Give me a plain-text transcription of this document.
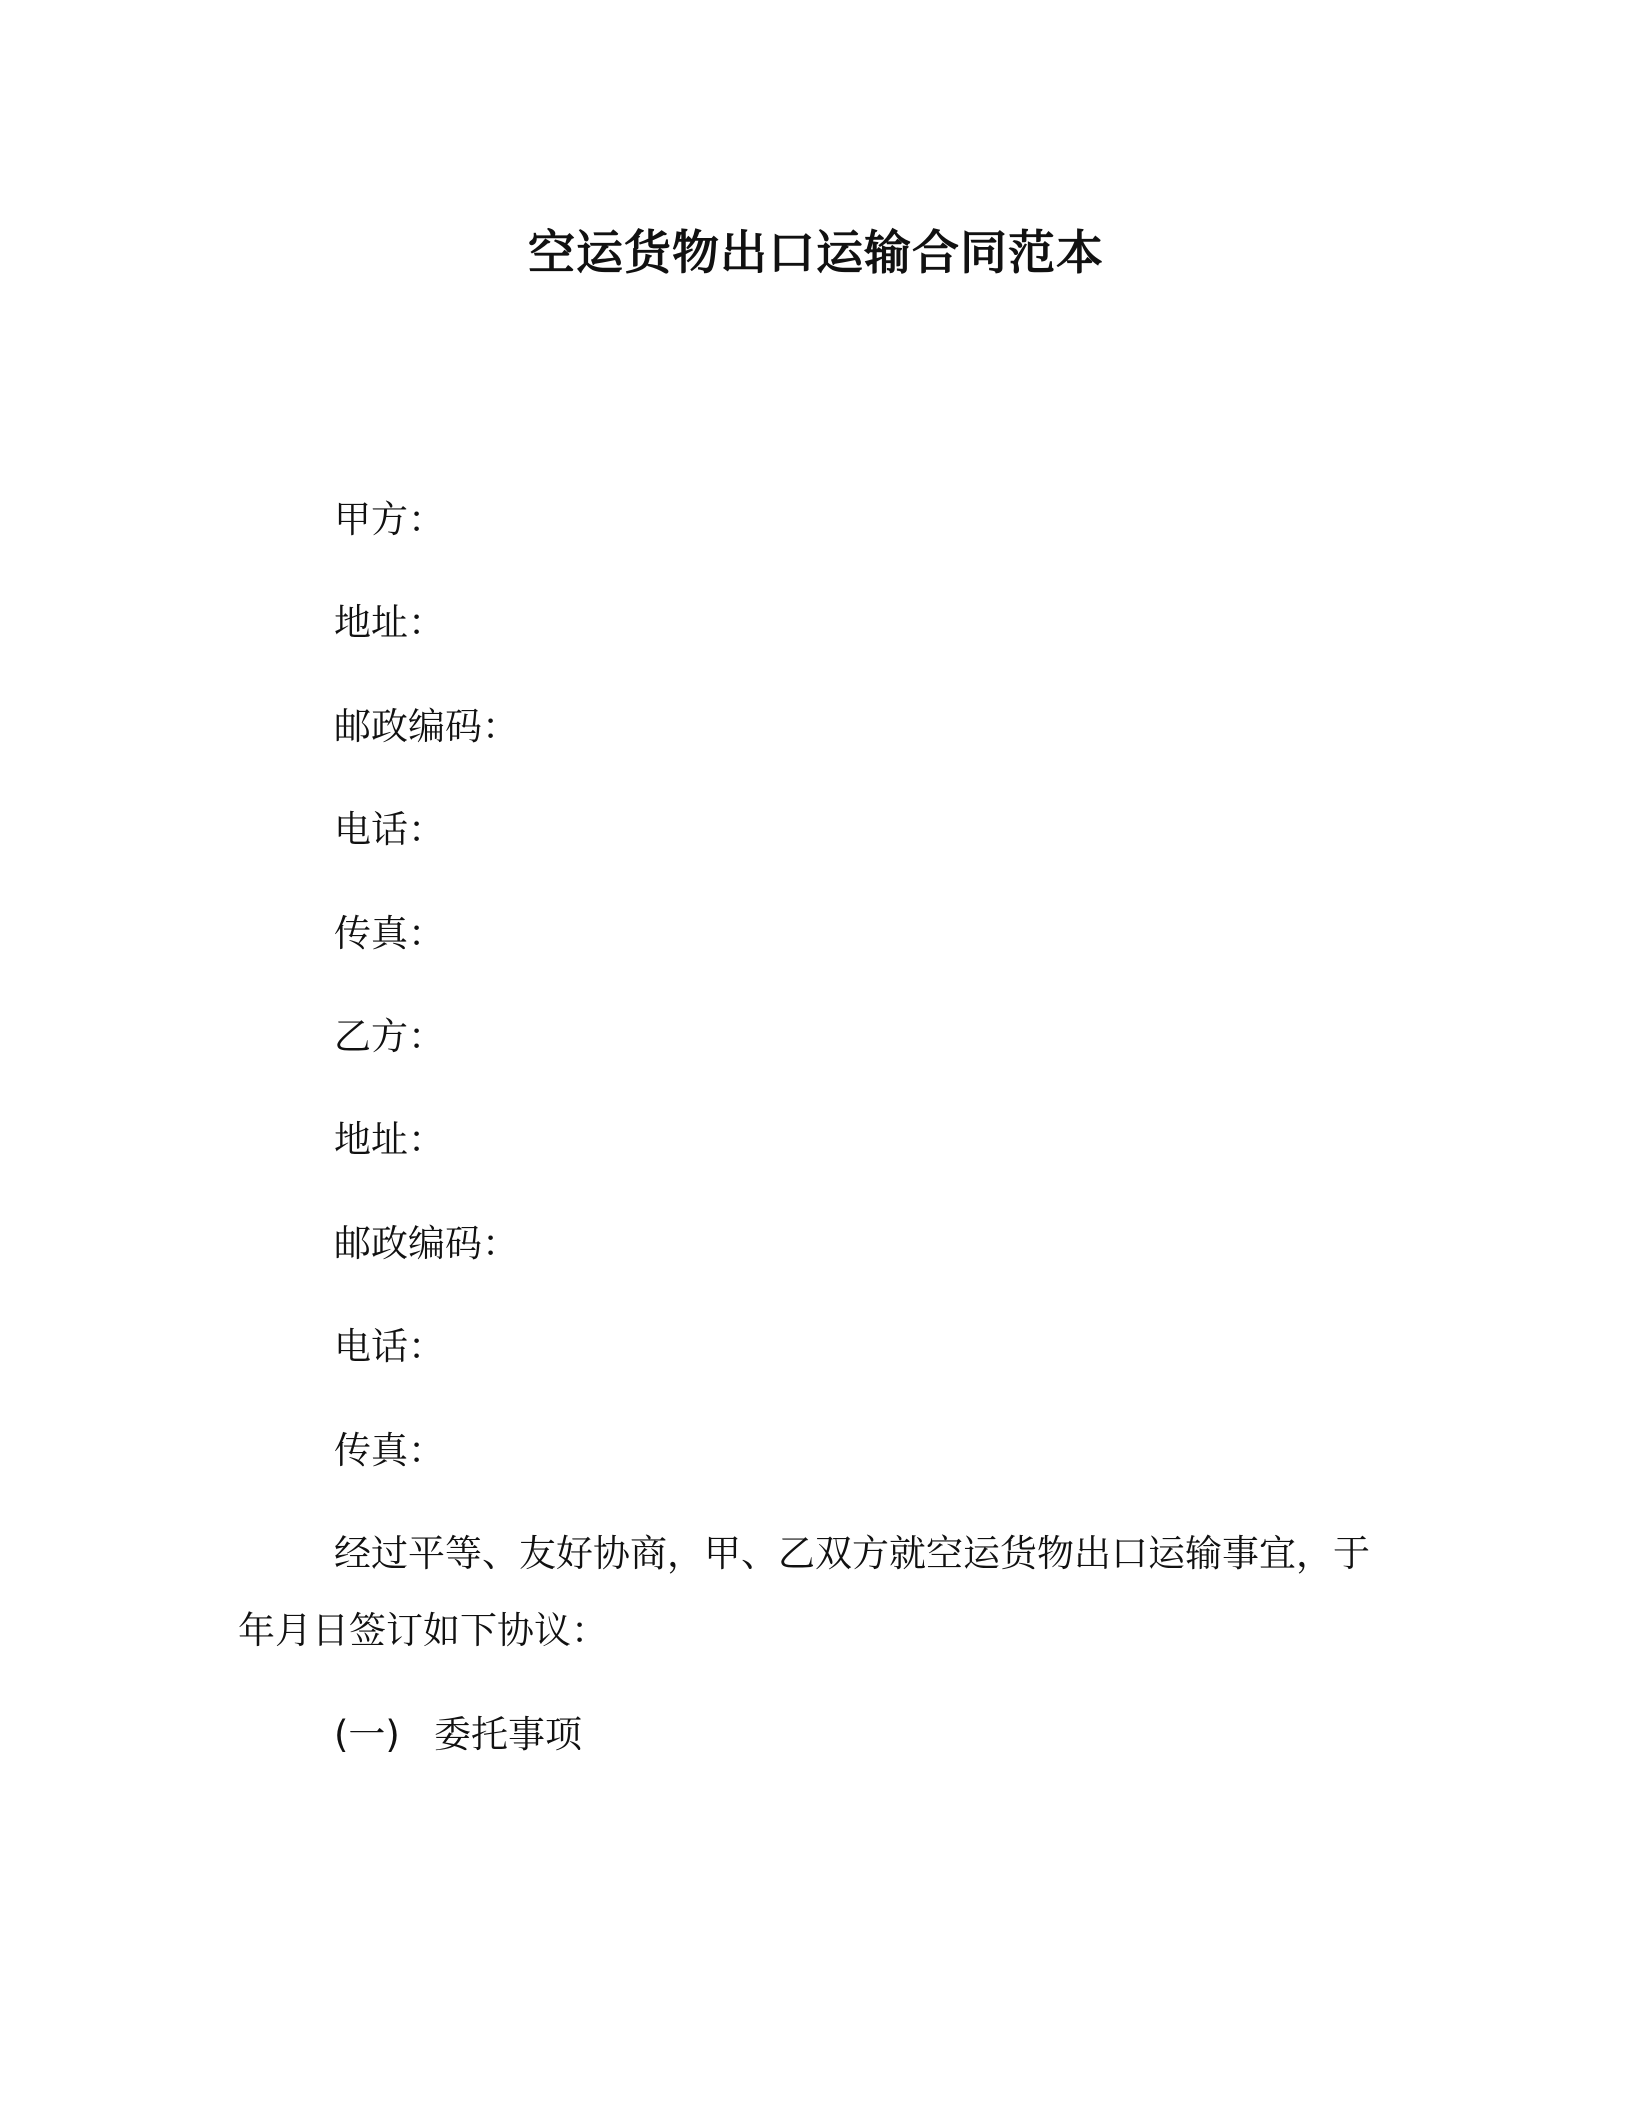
空运货物出口运输合同范本
甲方：
地址：
邮政编码：
电话：
传真：
乙方：
地址：
邮政编码：
电话：
传真：
经过平等、友好协商，甲、乙双方就空运货物出口运输事宜，于
年月日签订如下协议：
(一) 委托事项
